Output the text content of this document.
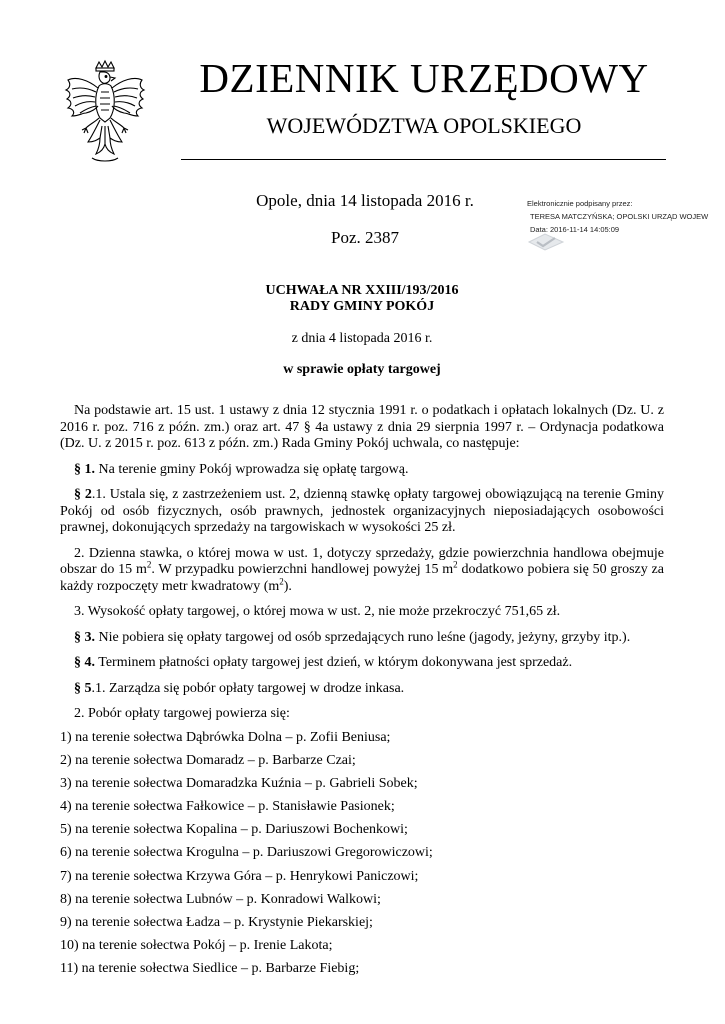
DZIENNIK URZĘDOWY
WOJEWÓDZTWA OPOLSKIEGO
Opole, dnia 14 listopada 2016 r.
Poz. 2387
Elektronicznie podpisany przez:
TERESA MATCZYŃSKA; OPOLSKI URZĄD WOJEW
Data: 2016-11-14 14:05:09
UCHWAŁA NR XXIII/193/2016
RADY GMINY POKÓJ
z dnia 4 listopada 2016 r.
w sprawie opłaty targowej

Na podstawie art. 15 ust. 1 ustawy z dnia 12 stycznia 1991 r. o podatkach i opłatach lokalnych (Dz. U. z 2016 r. poz. 716 z późn. zm.) oraz art. 47 § 4a ustawy z dnia 29 sierpnia 1997 r. – Ordynacja podatkowa (Dz. U. z 2015 r. poz. 613 z późn. zm.) Rada Gminy Pokój uchwala, co następuje:

§ 1. Na terenie gminy Pokój wprowadza się opłatę targową.

§ 2.1. Ustala się, z zastrzeżeniem ust. 2, dzienną stawkę opłaty targowej obowiązującą na terenie Gminy Pokój od osób fizycznych, osób prawnych, jednostek organizacyjnych nieposiadających osobowości prawnej, dokonujących sprzedaży na targowiskach w wysokości 25 zł.

2. Dzienna stawka, o której mowa w ust. 1, dotyczy sprzedaży, gdzie powierzchnia handlowa obejmuje obszar do 15 $m^2$. W przypadku powierzchni handlowej powyżej 15 $m^2$ dodatkowo pobiera się 50 groszy za każdy rozpoczęty metr kwadratowy $(m^2)$.

3. Wysokość opłaty targowej, o której mowa w ust. 2, nie może przekroczyć 751,65 zł.

§ 3. Nie pobiera się opłaty targowej od osób sprzedających runo leśne (jagody, jeżyny, grzyby itp.).

§ 4. Terminem płatności opłaty targowej jest dzień, w którym dokonywana jest sprzedaż.

§ 5.1. Zarządza się pobór opłaty targowej w drodze inkasa.

2. Pobór opłaty targowej powierza się:

1) na terenie sołectwa Dąbrówka Dolna – p. Zofii Beniusa;

2) na terenie sołectwa Domaradz – p. Barbarze Czai;

3) na terenie sołectwa Domaradzka Kuźnia – p. Gabrieli Sobek;

4) na terenie sołectwa Fałkowice – p. Stanisławie Pasionek;

5) na terenie sołectwa Kopalina – p. Dariuszowi Bochenkowi;

6) na terenie sołectwa Krogulna – p. Dariuszowi Gregorowiczowi;

7) na terenie sołectwa Krzywa Góra – p. Henrykowi Paniczowi;

8) na terenie sołectwa Lubnów – p. Konradowi Walkowi;

9) na terenie sołectwa Ładza – p. Krystynie Piekarskiej;

10) na terenie sołectwa Pokój – p. Irenie Lakota;

11) na terenie sołectwa Siedlice – p. Barbarze Fiebig;
